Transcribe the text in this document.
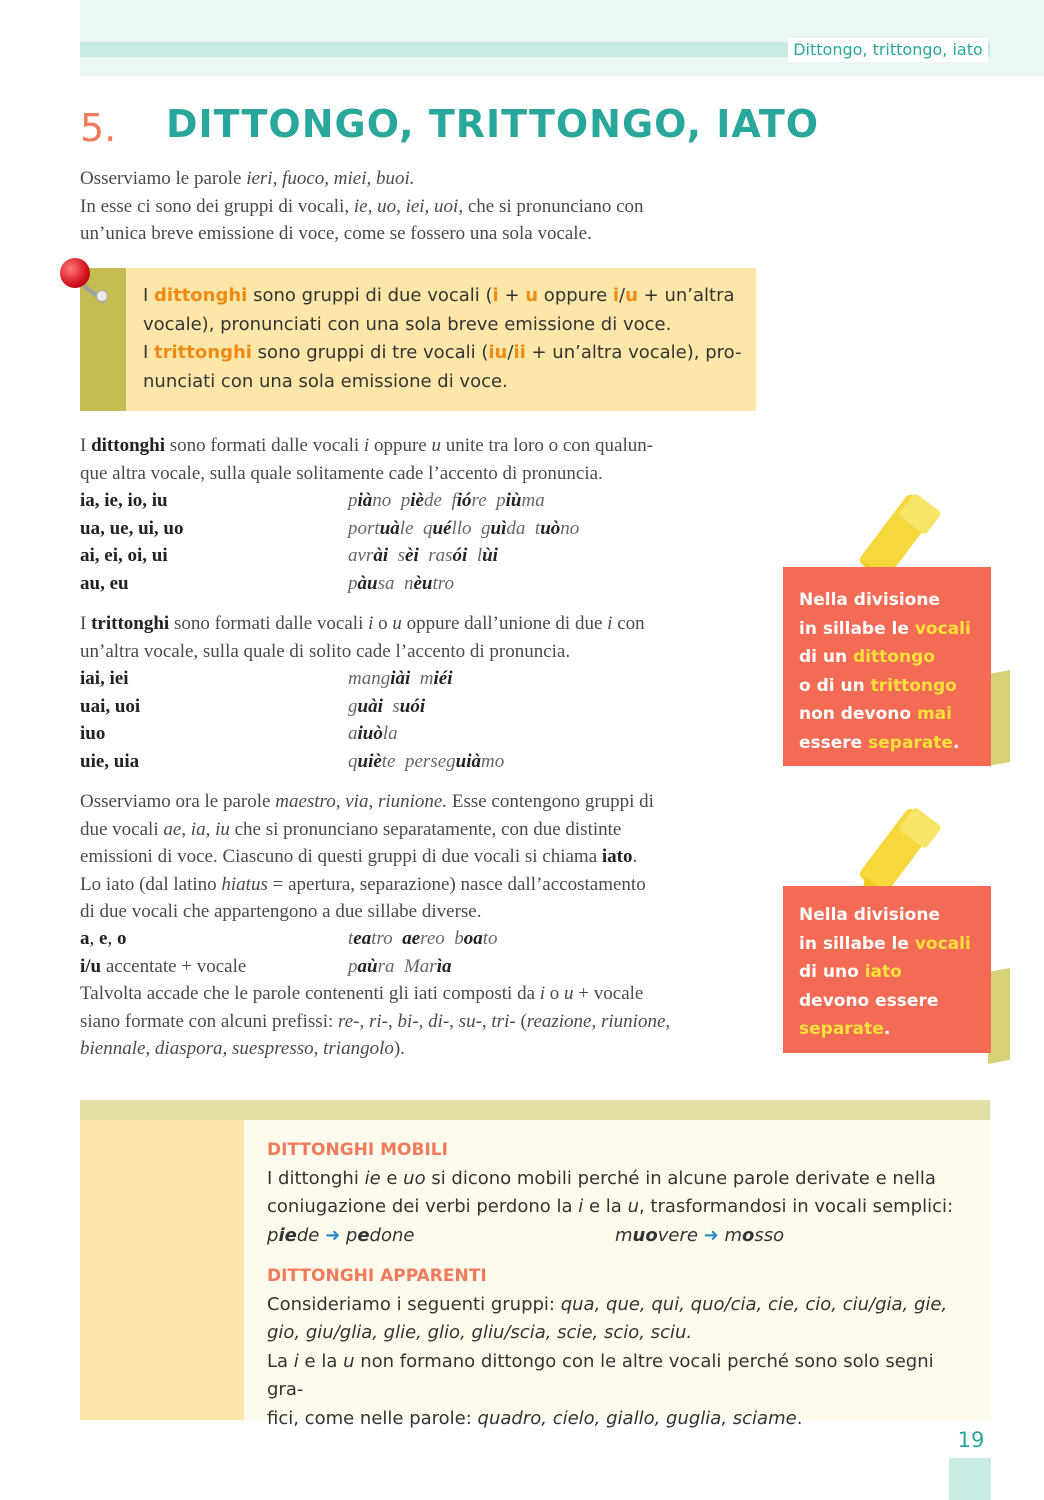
Dittongo, trittongo, iato
5. DITTONGO, TRITTONGO, IATO
Osserviamo le parole ieri, fuoco, miei, buoi.
In esse ci sono dei gruppi di vocali, ie, uo, iei, uoi, che si pronunciano con
un’unica breve emissione di voce, come se fossero una sola vocale.
I dittonghi sono gruppi di due vocali (i + u oppure i/u + un’altra
vocale), pronunciati con una sola breve emissione di voce.
I trittonghi sono gruppi di tre vocali (iu/ii + un’altra vocale), pro-
nunciati con una sola emissione di voce.
I dittonghi sono formati dalle vocali i oppure u unite tra loro o con qualun-
que altra vocale, sulla quale solitamente cade l’accento di pronuncia.
ia, ie, io, iu	piàno piède fióre piùma
ua, ue, ui, uo	portuàle quéllo guìda tuòno
ai, ei, oi, ui	avrài sèi rasói lùi
au, eu	pàusa nèutro
I trittonghi sono formati dalle vocali i o u oppure dall’unione di due i con
un’altra vocale, sulla quale di solito cade l’accento di pronuncia.
iai, iei	mangiài miéi
uai, uoi	guài suói
iuo	aiuòla
uie, uia	quiète perseguiàmo
Osserviamo ora le parole maestro, via, riunione. Esse contengono gruppi di
due vocali ae, ia, iu che si pronunciano separatamente, con due distinte
emissioni di voce. Ciascuno di questi gruppi di due vocali si chiama iato.
Lo iato (dal latino hiatus = apertura, separazione) nasce dall’accostamento
di due vocali che appartengono a due sillabe diverse.
a, e, o	teatro aereo boato
i/u accentate + vocale	paùra Marìa
Talvolta accade che le parole contenenti gli iati composti da i o u + vocale
siano formate con alcuni prefissi: re-, ri-, bi-, di-, su-, tri- (reazione, riunione,
biennale, diaspora, suespresso, triangolo).
Nella divisione
in sillabe le vocali
di un dittongo
o di un trittongo
non devono mai
essere separate.
Nella divisione
in sillabe le vocali
di uno iato
devono essere
separate.
DITTONGHI MOBILI
I dittonghi ie e uo si dicono mobili perché in alcune parole derivate e nella
coniugazione dei verbi perdono la i e la u, trasformandosi in vocali semplici:
piede ➜ pedone	muovere ➜ mosso
DITTONGHI APPARENTI
Consideriamo i seguenti gruppi: qua, que, qui, quo/cia, cie, cio, ciu/gia, gie,
gio, giu/glia, glie, glio, gliu/scia, scie, scio, sciu.
La i e la u non formano dittongo con le altre vocali perché sono solo segni gra-
fici, come nelle parole: quadro, cielo, giallo, guglia, sciame.
19
